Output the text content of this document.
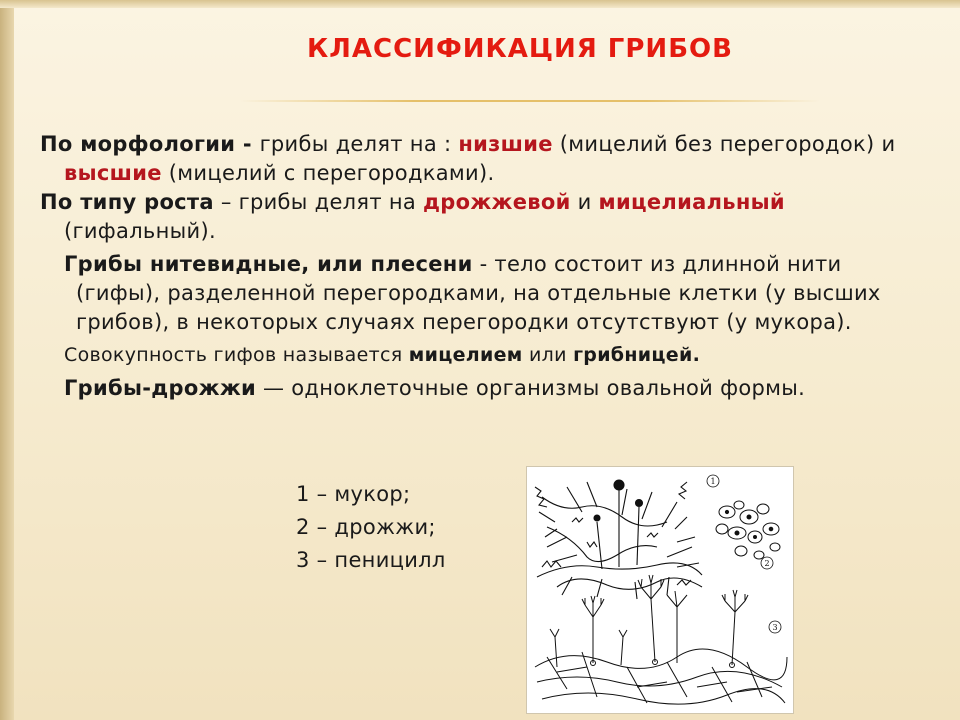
КЛАССИФИКАЦИЯ ГРИБОВ

По морфологии - грибы делят на : низшие (мицелий без перегородок) и высшие (мицелий с перегородками).

По типу роста – грибы делят на дрожжевой и мицелиальный (гифальный).

Грибы нитевидные, или плесени - тело состоит из длинной нити (гифы), разделенной перегородками, на отдельные клетки (у высших грибов), в некоторых случаях перегородки отсутствуют (у мукора).

Совокупность гифов называется мицелием или грибницей.

Грибы-дрожжи — одноклеточные организмы овальной формы.

1 – мукор;
2 – дрожжи;
3 – пеницилл
1
2
3
